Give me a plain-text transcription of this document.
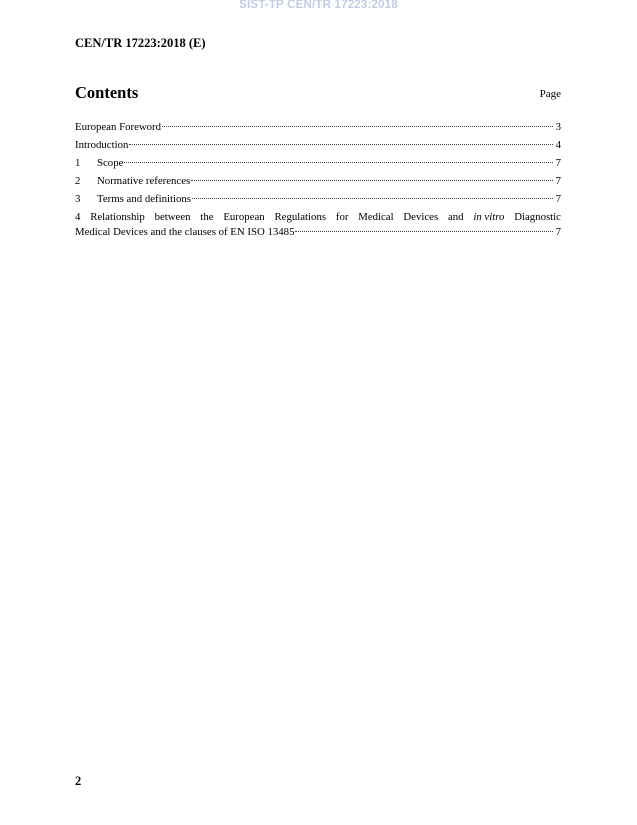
SIST-TP CEN/TR 17223:2018
CEN/TR 17223:2018 (E)
Contents	Page
European Foreword	3
Introduction	4
1	Scope	7
2	Normative references	7
3	Terms and definitions	7
4 Relationship between the European Regulations for Medical Devices and in vitro Diagnostic
Medical Devices and the clauses of EN ISO 13485	7
2
